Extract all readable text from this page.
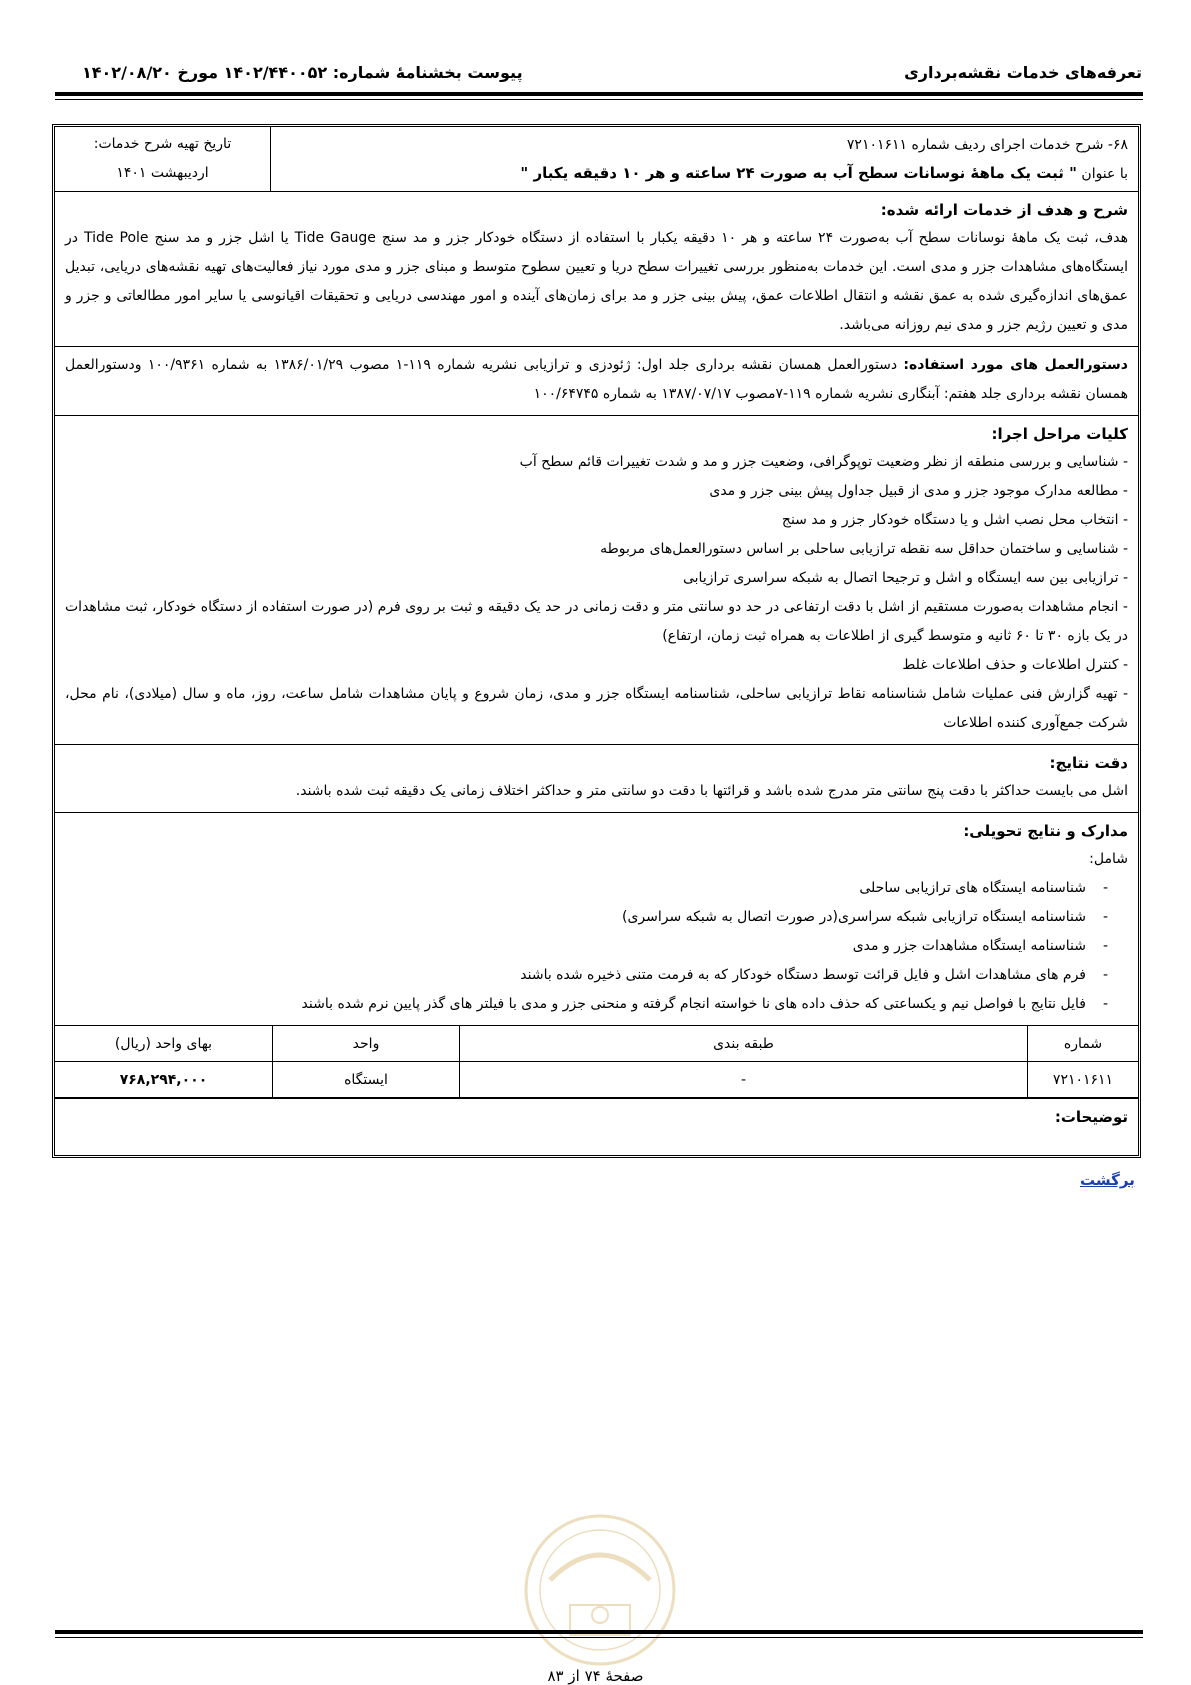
تعرفه‌های خدمات نقشه‌برداری
پیوست بخشنامهٔ شماره: ۱۴۰۲/۴۴۰۰۵۲ مورخ ۱۴۰۲/۰۸/۲۰
۶۸- شرح خدمات اجرای ردیف شماره ۷۲۱۰۱۶۱۱
با عنوان " ثبت یک ماههٔ نوسانات سطح آب به صورت ۲۴ ساعته و هر ۱۰ دقیقه یکبار "
تاریخ تهیه شرح خدمات:
اردیبهشت ۱۴۰۱
شرح و هدف از خدمات ارائه شده:
هدف، ثبت یک ماههٔ نوسانات سطح آب به‌صورت ۲۴ ساعته و هر ۱۰ دقیقه یکبار با استفاده از دستگاه خودکار جزر و مد سنج Tide Gauge یا اشل جزر و مد سنج Tide Pole در ایستگاه‌های مشاهدات جزر و مدی است. این خدمات به‌منظور بررسی تغییرات سطح دریا و تعیین سطوح متوسط و مبنای جزر و مدی مورد نیاز فعالیت‌های تهیه نقشه‌های دریایی، تبدیل عمق‌های اندازه‌گیری شده به عمق نقشه و انتقال اطلاعات عمق، پیش بینی جزر و مد برای زمان‌های آینده و امور مهندسی دریایی و تحقیقات اقیانوسی یا سایر امور مطالعاتی و جزر و مدی و تعیین رژیم جزر و مدی نیم روزانه می‌باشد.
دستورالعمل های مورد استفاده: دستورالعمل همسان نقشه برداری جلد اول: ژئودزی و ترازیابی نشریه شماره ۱۱۹-۱ مصوب ۱۳۸۶/۰۱/۲۹ به شماره ۱۰۰/۹۳۶۱ ودستورالعمل همسان نقشه برداری جلد هفتم: آبنگاری نشریه شماره ۱۱۹-۷مصوب ۱۳۸۷/۰۷/۱۷ به شماره ۱۰۰/۶۴۷۴۵
کلیات مراحل اجرا:
- شناسایی و بررسی منطقه از نظر وضعیت توپوگرافی، وضعیت جزر و مد و شدت تغییرات قائم سطح آب
- مطالعه مدارک موجود جزر و مدی از قبیل جداول پیش بینی جزر و مدی
- انتخاب محل نصب اشل و یا دستگاه خودکار جزر و مد سنج
- شناسایی و ساختمان حداقل سه نقطه ترازیابی ساحلی بر اساس دستورالعمل‌های مربوطه
- ترازیابی بین سه ایستگاه و اشل و ترجیحا اتصال به شبکه سراسری ترازیابی
- انجام مشاهدات به‌صورت مستقیم از اشل با دقت ارتفاعی در حد دو سانتی متر و دقت زمانی در حد یک دقیقه و ثبت بر روی فرم (در صورت استفاده از دستگاه خودکار، ثبت مشاهدات در یک بازه ۳۰ تا ۶۰ ثانیه و متوسط گیری از اطلاعات به همراه ثبت زمان، ارتفاع)
- کنترل اطلاعات و حذف اطلاعات غلط
- تهیه گزارش فنی عملیات شامل شناسنامه نقاط ترازیابی ساحلی، شناسنامه ایستگاه جزر و مدی، زمان شروع و پایان مشاهدات شامل ساعت، روز، ماه و سال (میلادی)، نام محل، شرکت جمع‌آوری کننده اطلاعات
دقت نتایج:
اشل می بایست حداکثر با دقت پنج سانتی متر مدرج شده باشد و قرائتها با دقت دو سانتی متر و حداکثر اختلاف زمانی یک دقیقه ثبت شده باشند.
مدارک و نتایج تحویلی:
شامل:
- شناسنامه ایستگاه های ترازیابی ساحلی
- شناسنامه ایستگاه ترازیابی شبکه سراسری(در صورت اتصال به شبکه سراسری)
- شناسنامه ایستگاه مشاهدات جزر و مدی
- فرم های مشاهدات اشل و فایل قرائت توسط دستگاه خودکار که به فرمت متنی ذخیره شده باشند
- فایل نتایج با فواصل نیم و یکساعتی که حذف داده های نا خواسته انجام گرفته و منحنی جزر و مدی با فیلتر های گذر پایین نرم شده باشند
شماره	طبقه بندی	واحد	بهای واحد (ریال)
۷۲۱۰۱۶۱۱	-	ایستگاه	۷۶۸,۲۹۴,۰۰۰
توضیحات:
برگشت
صفحهٔ ۷۴ از ۸۳
